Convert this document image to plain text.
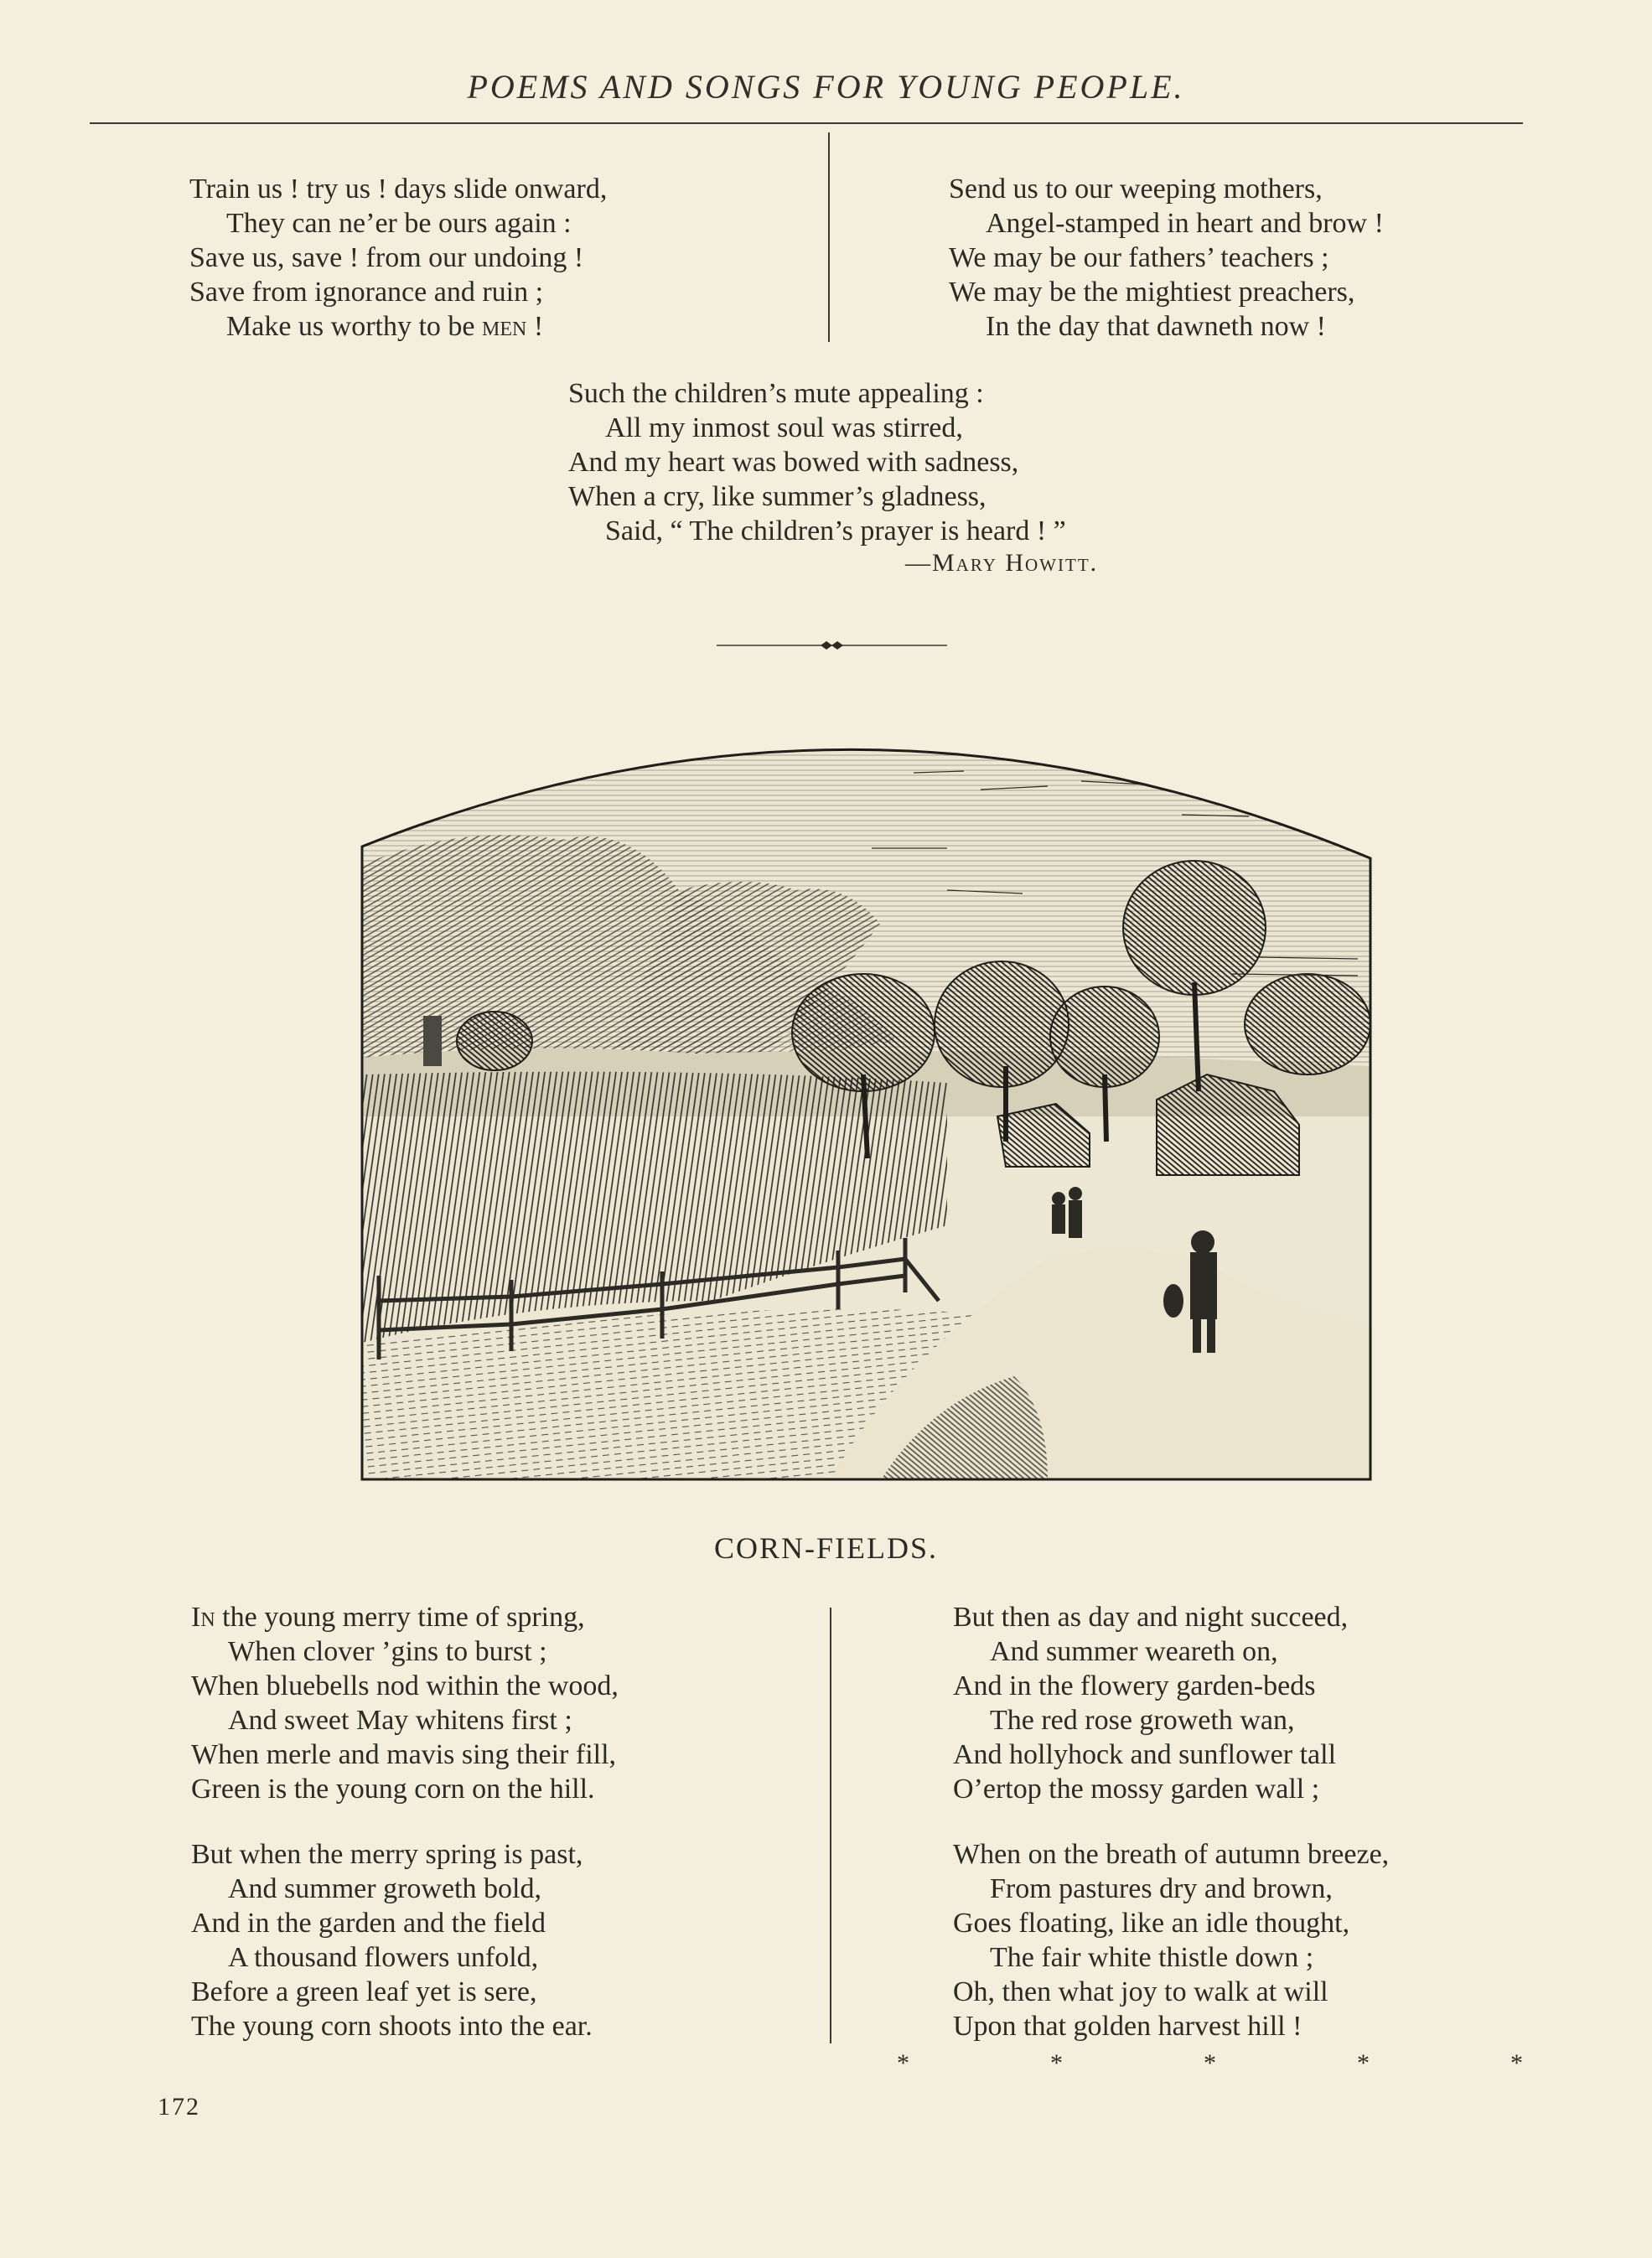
POEMS AND SONGS FOR YOUNG PEOPLE.
Train us ! try us ! days slide onward,
They can ne’er be ours again :
Save us, save ! from our undoing !
Save from ignorance and ruin ;
Make us worthy to be men !
Send us to our weeping mothers,
Angel-stamped in heart and brow !
We may be our fathers’ teachers ;
We may be the mightiest preachers,
In the day that dawneth now !
Such the children’s mute appealing :
All my inmost soul was stirred,
And my heart was bowed with sadness,
When a cry, like summer’s gladness,
Said, “ The children’s prayer is heard ! ”
—Mary Howitt.
CORN-FIELDS.
In the young merry time of spring,
When clover ’gins to burst ;
When bluebells nod within the wood,
And sweet May whitens first ;
When merle and mavis sing their fill,
Green is the young corn on the hill.
But when the merry spring is past,
And summer groweth bold,
And in the garden and the field
A thousand flowers unfold,
Before a green leaf yet is sere,
The young corn shoots into the ear.
But then as day and night succeed,
And summer weareth on,
And in the flowery garden-beds
The red rose groweth wan,
And hollyhock and sunflower tall
O’ertop the mossy garden wall ;
When on the breath of autumn breeze,
From pastures dry and brown,
Goes floating, like an idle thought,
The fair white thistle down ;
Oh, then what joy to walk at will
Upon that golden harvest hill !
*	*	*	*	*
172
